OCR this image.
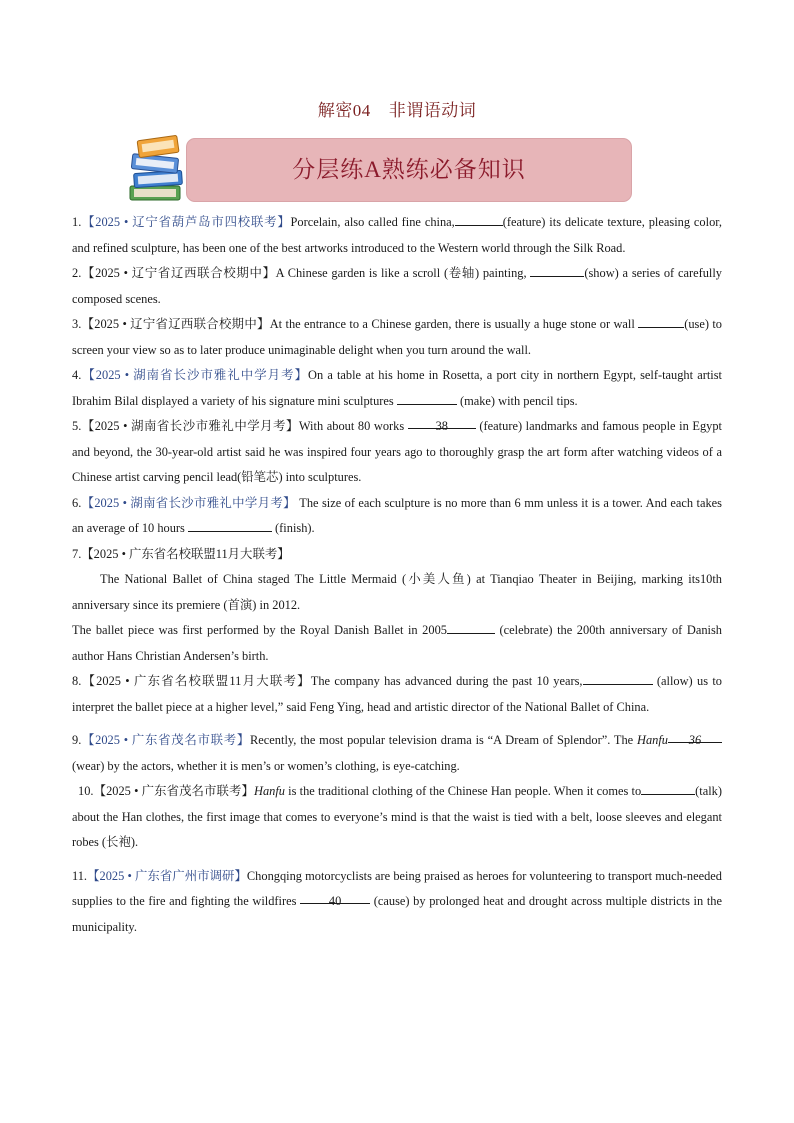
解密04 非谓语动词
分层练A熟练必备知识

1.【2025 • 辽宁省葫芦岛市四校联考】Porcelain, also called fine china,	(feature) its delicate texture, pleasing color, and refined sculpture, has been one of the best artworks introduced to the Western world through the Silk Road.

2.【2025 • 辽宁省辽西联合校期中】A Chinese garden is like a scroll (卷轴) painting,	(show) a series of carefully composed scenes.

3.【2025 • 辽宁省辽西联合校期中】At the entrance to a Chinese garden, there is usually a huge stone or wall	(use) to screen your view so as to later produce unimaginable delight when you turn around the wall.

4.【2025 • 湖南省长沙市雅礼中学月考】On a table at his home in Rosetta, a port city in northern Egypt, self-taught artist Ibrahim Bilal displayed a variety of his signature mini sculptures	(make) with pencil tips.

5.【2025 • 湖南省长沙市雅礼中学月考】With about 80 works 38 (feature) landmarks and famous people in Egypt and beyond, the 30-year-old artist said he was inspired four years ago to thoroughly grasp the art form after watching videos of a Chinese artist carving pencil lead(铅笔芯) into sculptures.

6.【2025 • 湖南省长沙市雅礼中学月考】 The size of each sculpture is no more than 6 mm unless it is a tower. And each takes an average of 10 hours	(finish).

7.【2025 • 广东省名校联盟11月大联考】

The National Ballet of China staged The Little Mermaid (小美人鱼) at Tianqiao Theater in Beijing, marking its10th anniversary since its premiere (首演) in 2012.

The ballet piece was first performed by the Royal Danish Ballet in 2005	(celebrate) the 200th anniversary of Danish author Hans Christian Andersen’s birth.

8.【2025 • 广东省名校联盟11月大联考】The company has advanced during the past 10 years,	(allow) us to interpret the ballet piece at a higher level,” said Feng Ying, head and artistic director of the National Ballet of China.

9.【2025 • 广东省茂名市联考】Recently, the most popular television drama is “A Dream of Splendor”. The Hanfu 36(wear) by the actors, whether it is men’s or women’s clothing, is eye-catching.

10.【2025 • 广东省茂名市联考】Hanfu is the traditional clothing of the Chinese Han people. When it comes to	(talk) about the Han clothes, the first image that comes to everyone’s mind is that the waist is tied with a belt, loose sleeves and elegant robes (长袍).

11.【2025 • 广东省广州市调研】Chongqing motorcyclists are being praised as heroes for volunteering to transport much-needed supplies to the fire and fighting the wildfires 40 (cause) by prolonged heat and drought across multiple districts in the municipality.
